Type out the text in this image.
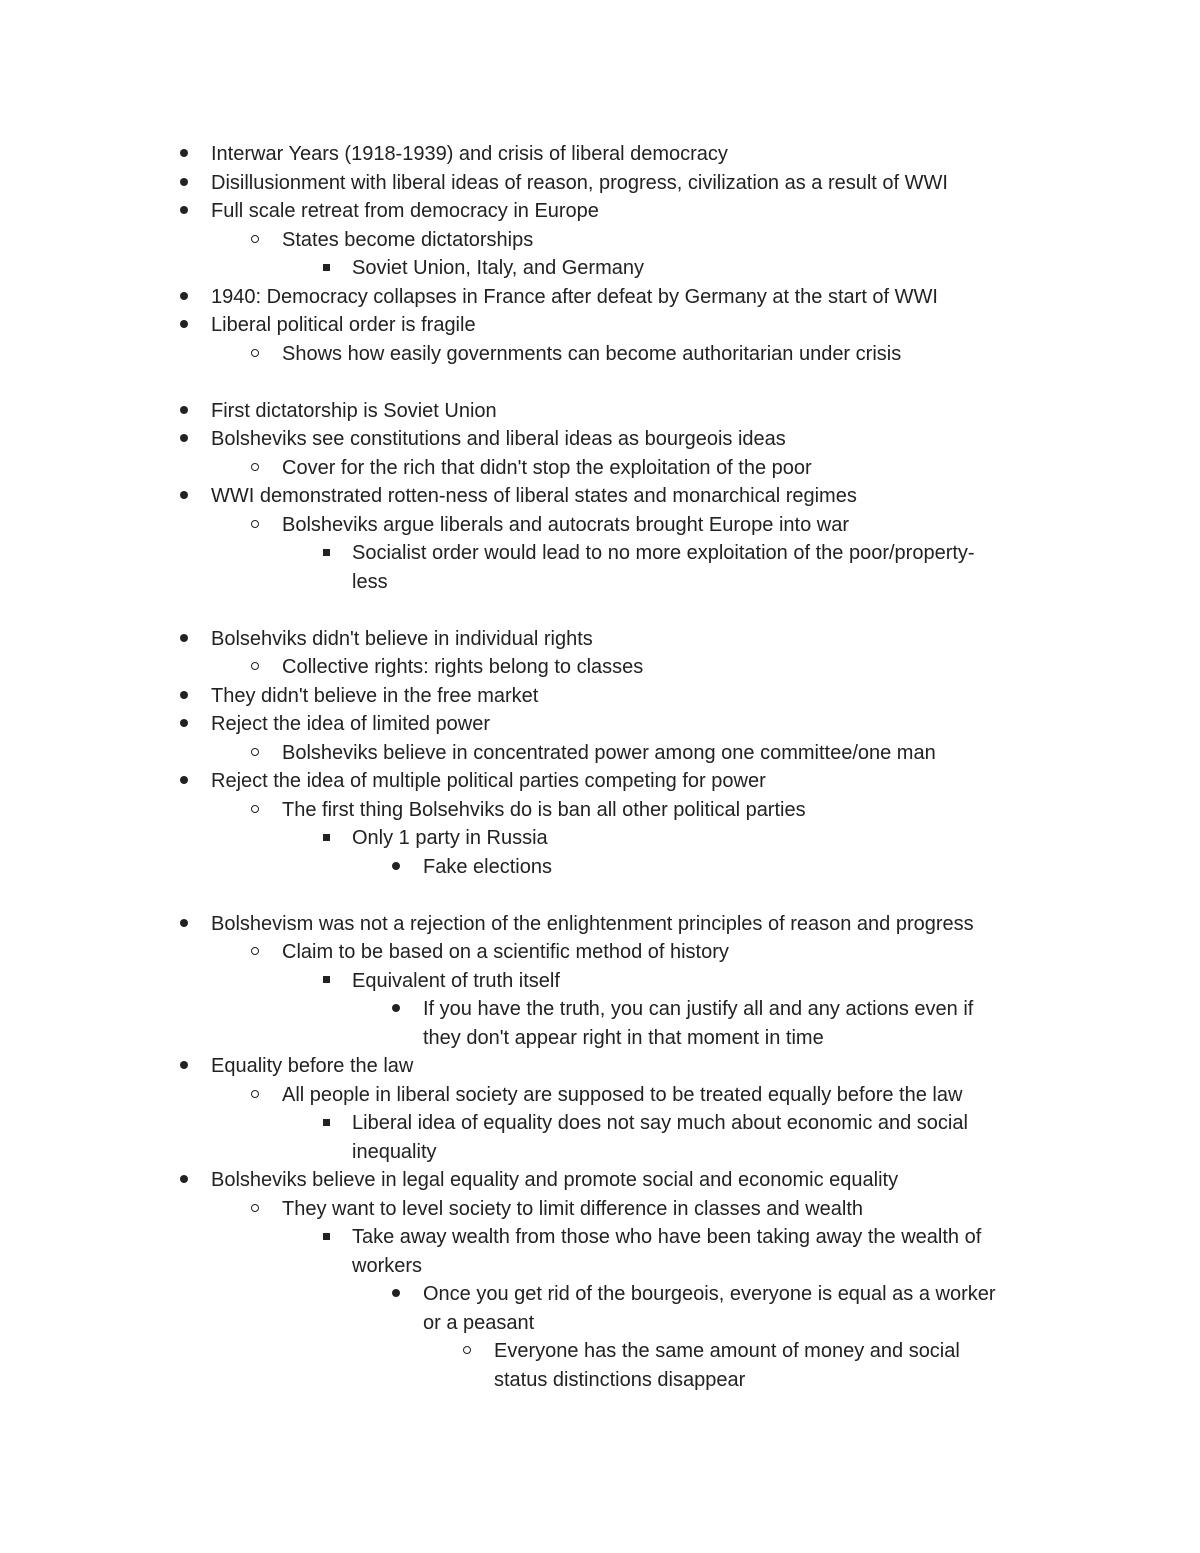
Interwar Years (1918-1939) and crisis of liberal democracy
Disillusionment with liberal ideas of reason, progress, civilization as a result of WWI
Full scale retreat from democracy in Europe
States become dictatorships
Soviet Union, Italy, and Germany
1940: Democracy collapses in France after defeat by Germany at the start of WWI
Liberal political order is fragile
Shows how easily governments can become authoritarian under crisis
First dictatorship is Soviet Union
Bolsheviks see constitutions and liberal ideas as bourgeois ideas
Cover for the rich that didn't stop the exploitation of the poor
WWI demonstrated rotten-ness of liberal states and monarchical regimes
Bolsheviks argue liberals and autocrats brought Europe into war
Socialist order would lead to no more exploitation of the poor/property-
less
Bolsehviks didn't believe in individual rights
Collective rights: rights belong to classes
They didn't believe in the free market
Reject the idea of limited power
Bolsheviks believe in concentrated power among one committee/one man
Reject the idea of multiple political parties competing for power
The first thing Bolsehviks do is ban all other political parties
Only 1 party in Russia
Fake elections
Bolshevism was not a rejection of the enlightenment principles of reason and progress
Claim to be based on a scientific method of history
Equivalent of truth itself
If you have the truth, you can justify all and any actions even if
they don't appear right in that moment in time
Equality before the law
All people in liberal society are supposed to be treated equally before the law
Liberal idea of equality does not say much about economic and social
inequality
Bolsheviks believe in legal equality and promote social and economic equality
They want to level society to limit difference in classes and wealth
Take away wealth from those who have been taking away the wealth of
workers
Once you get rid of the bourgeois, everyone is equal as a worker
or a peasant
Everyone has the same amount of money and social
status distinctions disappear
